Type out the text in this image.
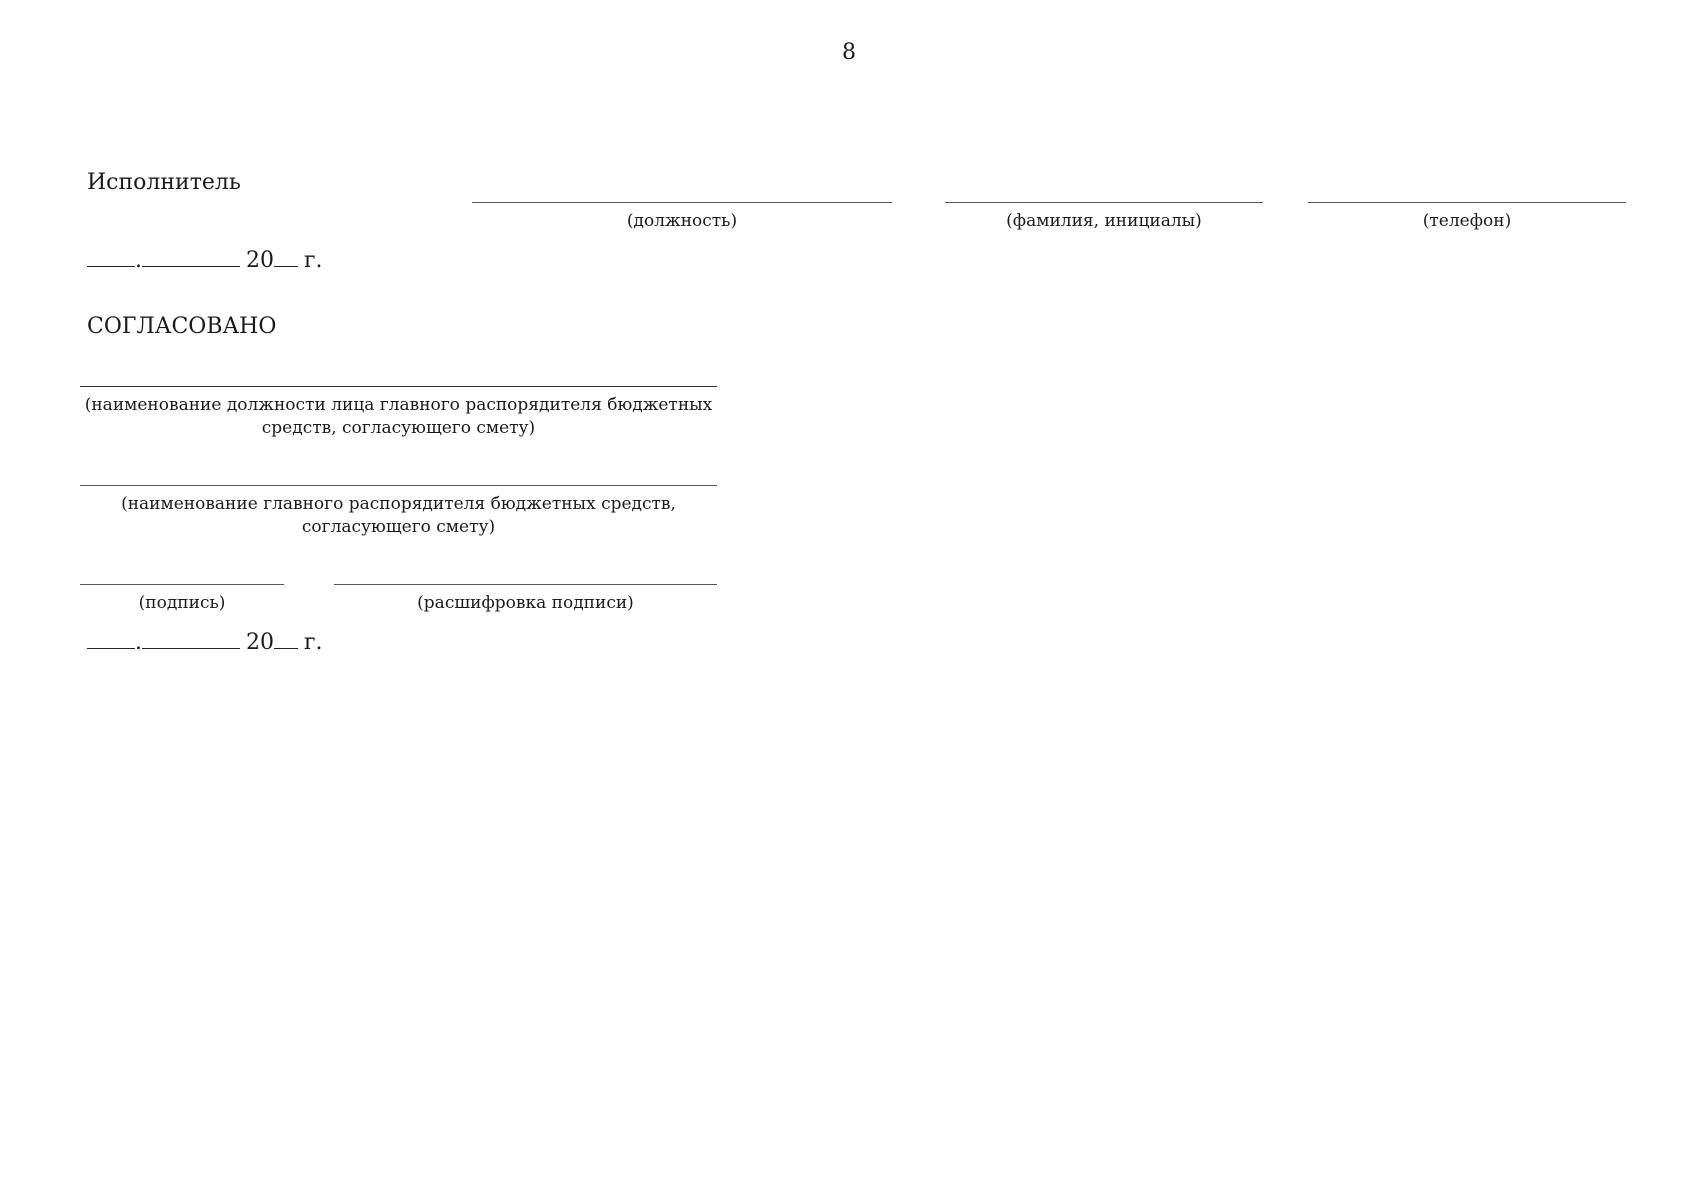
8
Исполнитель
(должность)	(фамилия, инициалы)	(телефон)
.	20 г.
СОГЛАСОВАНО
(наименование должности лица главного распорядителя бюджетных
средств, согласующего смету)
(наименование главного распорядителя бюджетных средств,
согласующего смету)
(подпись)	(расшифровка подписи)
.	20 г.
